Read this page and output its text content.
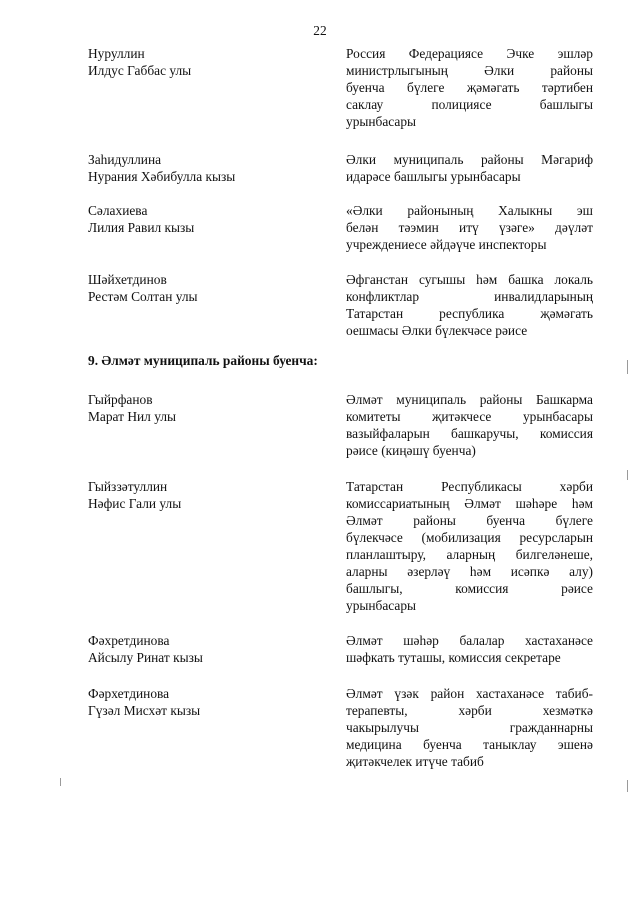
22
Нуруллин
Илдус Габбас улы
Россия Федерациясе Эчке эшләр
министрлыгының Әлки районы
буенча бүлеге җәмәгать тәртибен
саклау полициясе башлыгы
урынбасары
Заһидуллина
Нурания Хәбибулла кызы
Әлки муниципаль районы Мәгариф
идарәсе башлыгы урынбасары
Сәлахиева
Лилия Равил кызы
«Әлки районының Халыкны эш
белән тәэмин итү үзәге» дәүләт
учреждениесе әйдәүче инспекторы
Шәйхетдинов
Рестәм Солтан улы
Әфганстан сугышы һәм башка локаль
конфликтлар инвалидларының
Татарстан республика җәмәгать
оешмасы Әлки бүлекчәсе рәисе
9. Әлмәт муниципаль районы буенча:
Гыйрфанов
Марат Нил улы
Әлмәт муниципаль районы Башкарма
комитеты җитәкчесе урынбасары
вазыйфаларын башкаручы, комиссия
рәисе (киңәшү буенча)
Гыйззәтуллин
Нәфис Гали улы
Татарстан Республикасы хәрби
комиссариатының Әлмәт шәһәре һәм
Әлмәт районы буенча бүлеге
бүлекчәсе (мобилизация ресурсларын
планлаштыру, аларның билгеләнеше,
аларны әзерләү һәм исәпкә алу)
башлыгы, комиссия рәисе
урынбасары
Фәхретдинова
Айсылу Ринат кызы
Әлмәт шәһәр балалар хастаханәсе
шәфкать туташы, комиссия секретаре
Фәрхетдинова
Гүзәл Мисхәт кызы
Әлмәт үзәк район хастаханәсе табиб-
терапевты, хәрби хезмәткә
чакырылучы гражданнарны
медицина буенча таныклау эшенә
җитәкчелек итүче табиб
